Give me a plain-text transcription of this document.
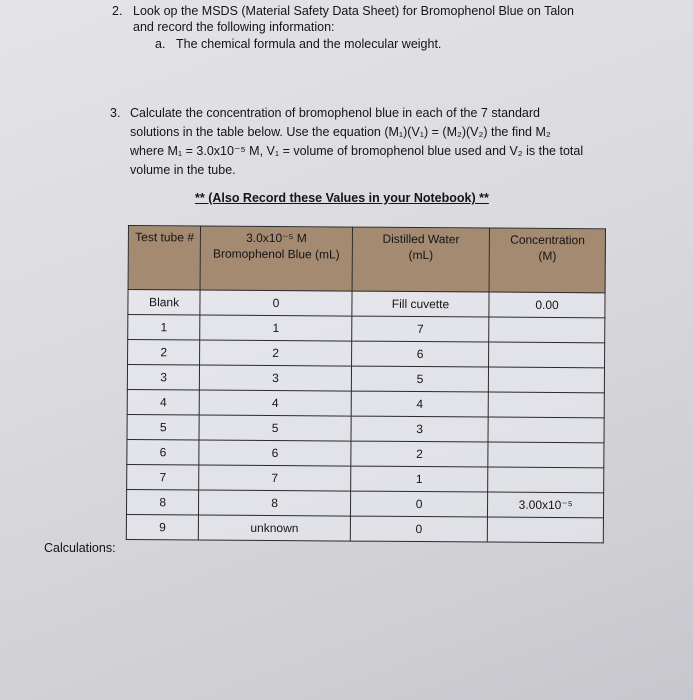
2. Look op the MSDS (Material Safety Data Sheet) for Bromophenol Blue on Talon
and record the following information:
a. The chemical formula and the molecular weight.
3. Calculate the concentration of bromophenol blue in each of the 7 standard
solutions in the table below. Use the equation (M₁)(V₁) = (M₂)(V₂) the find M₂
where M₁ = 3.0x10⁻⁵ M, V₁ = volume of bromophenol blue used and V₂ is the total
volume in the tube.
** (Also Record these Values in your Notebook) **
Test tube #	3.0x10⁻⁵ M Bromophenol Blue (mL)	Distilled Water (mL)	Concentration (M)
Blank	0	Fill cuvette	0.00
1	1	7	
2	2	6	
3	3	5	
4	4	4	
5	5	3	
6	6	2	
7	7	1	
8	8	0	3.00x10⁻⁵
9	unknown	0	
Calculations:
